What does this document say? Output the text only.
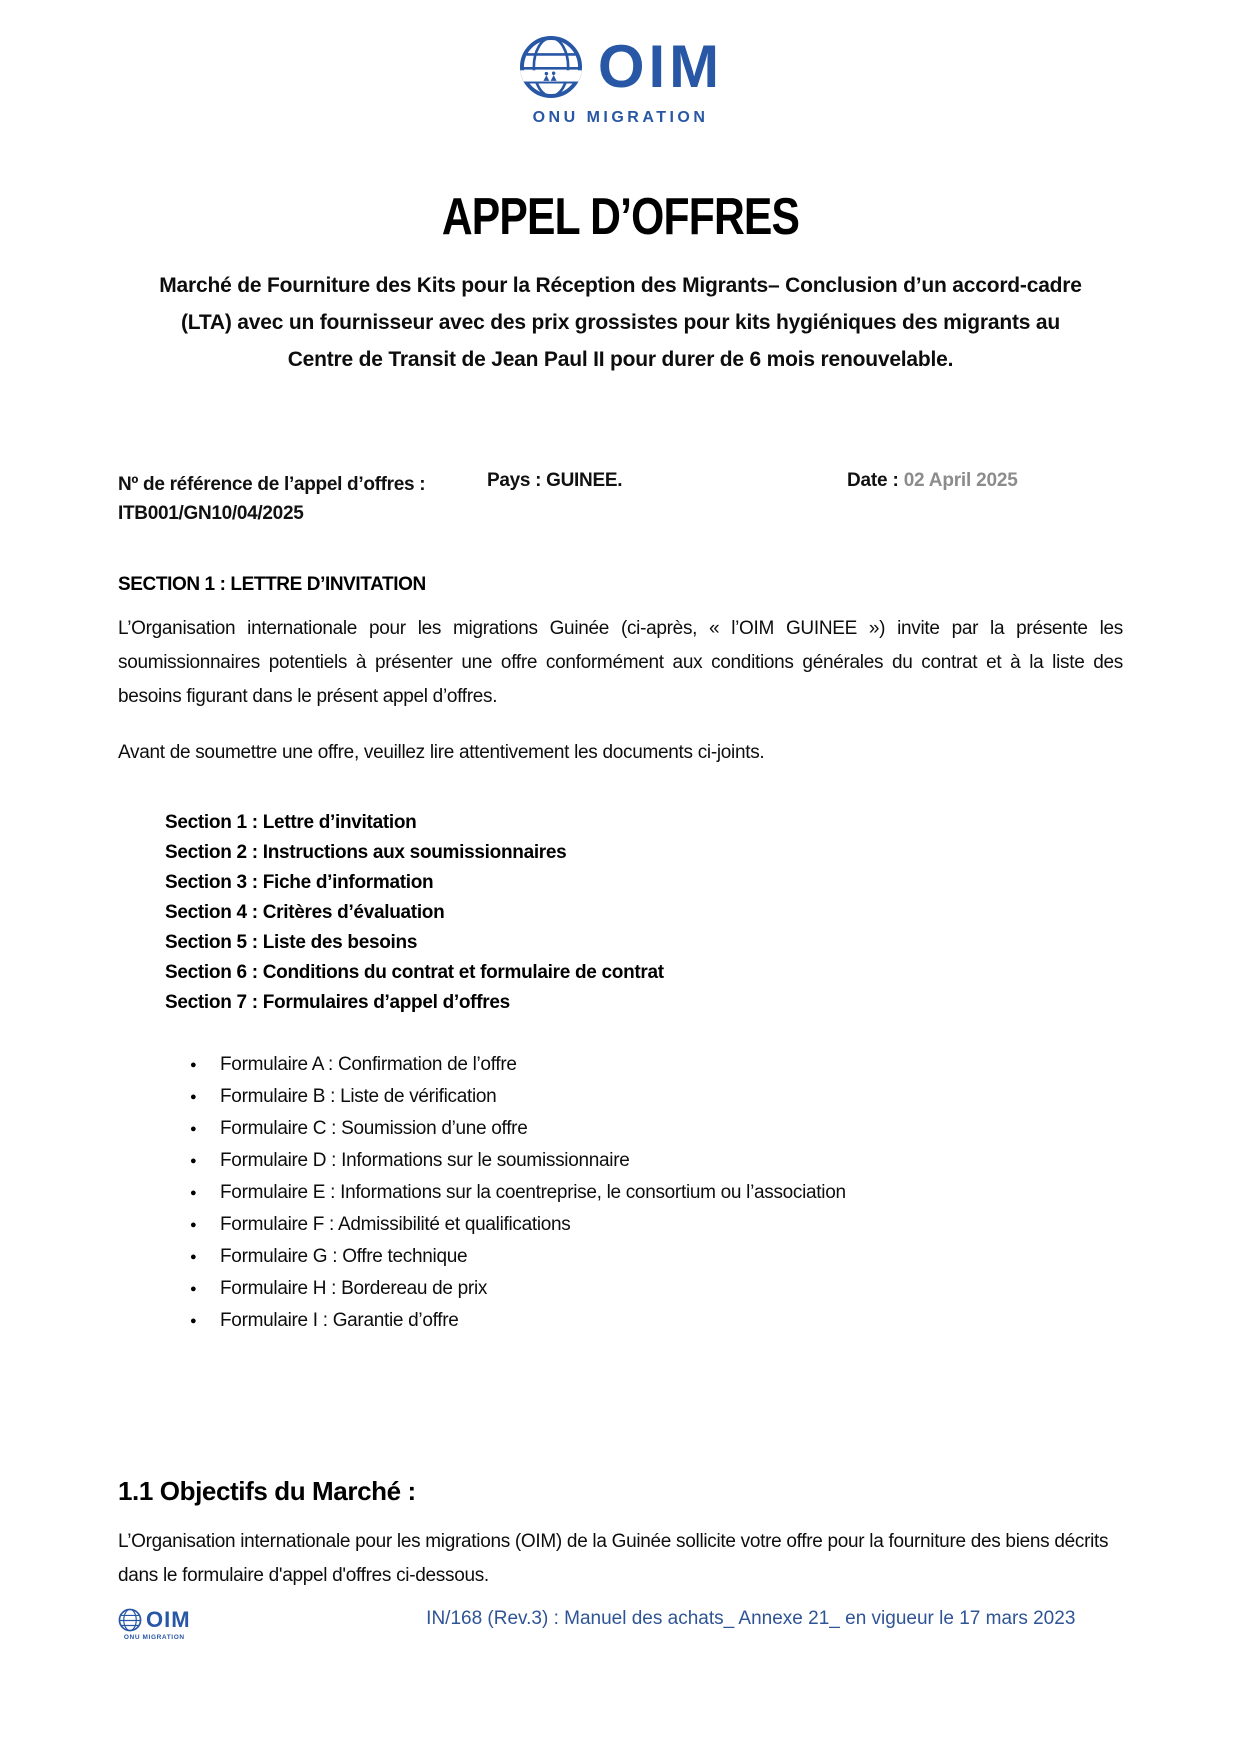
OIM
ONU MIGRATION
APPEL D’OFFRES
Marché de Fourniture des Kits pour la Réception des Migrants– Conclusion d’un accord-cadre
(LTA) avec un fournisseur avec des prix grossistes pour kits hygiéniques des migrants au
Centre de Transit de Jean Paul II pour durer de 6 mois renouvelable.
Nº de référence de l’appel d’offres :
ITB001/GN10/04/2025
Pays : GUINEE.	Date : 02 April 2025
SECTION 1 : LETTRE D’INVITATION

L’Organisation internationale pour les migrations Guinée (ci-après, « l’OIM GUINEE ») invite par la présente les soumissionnaires potentiels à présenter une offre conformément aux conditions générales du contrat et à la liste des besoins figurant dans le présent appel d’offres.

Avant de soumettre une offre, veuillez lire attentivement les documents ci-joints.

Section 1 : Lettre d’invitation
Section 2 : Instructions aux soumissionnaires
Section 3 : Fiche d’information
Section 4 : Critères d’évaluation
Section 5 : Liste des besoins
Section 6 : Conditions du contrat et formulaire de contrat
Section 7 : Formulaires d’appel d’offres
●	Formulaire A : Confirmation de l’offre
●	Formulaire B : Liste de vérification
●	Formulaire C : Soumission d’une offre
●	Formulaire D : Informations sur le soumissionnaire
●	Formulaire E : Informations sur la coentreprise, le consortium ou l’association
●	Formulaire F : Admissibilité et qualifications
●	Formulaire G : Offre technique
●	Formulaire H : Bordereau de prix
●	Formulaire I : Garantie d’offre
1.1 Objectifs du Marché :

L’Organisation internationale pour les migrations (OIM) de la Guinée sollicite votre offre pour la fourniture des biens décrits dans le formulaire d'appel d'offres ci-dessous.

OIM
ONU MIGRATION
IN/168 (Rev.3) : Manuel des achats_ Annexe 21_ en vigueur le 17 mars 2023
